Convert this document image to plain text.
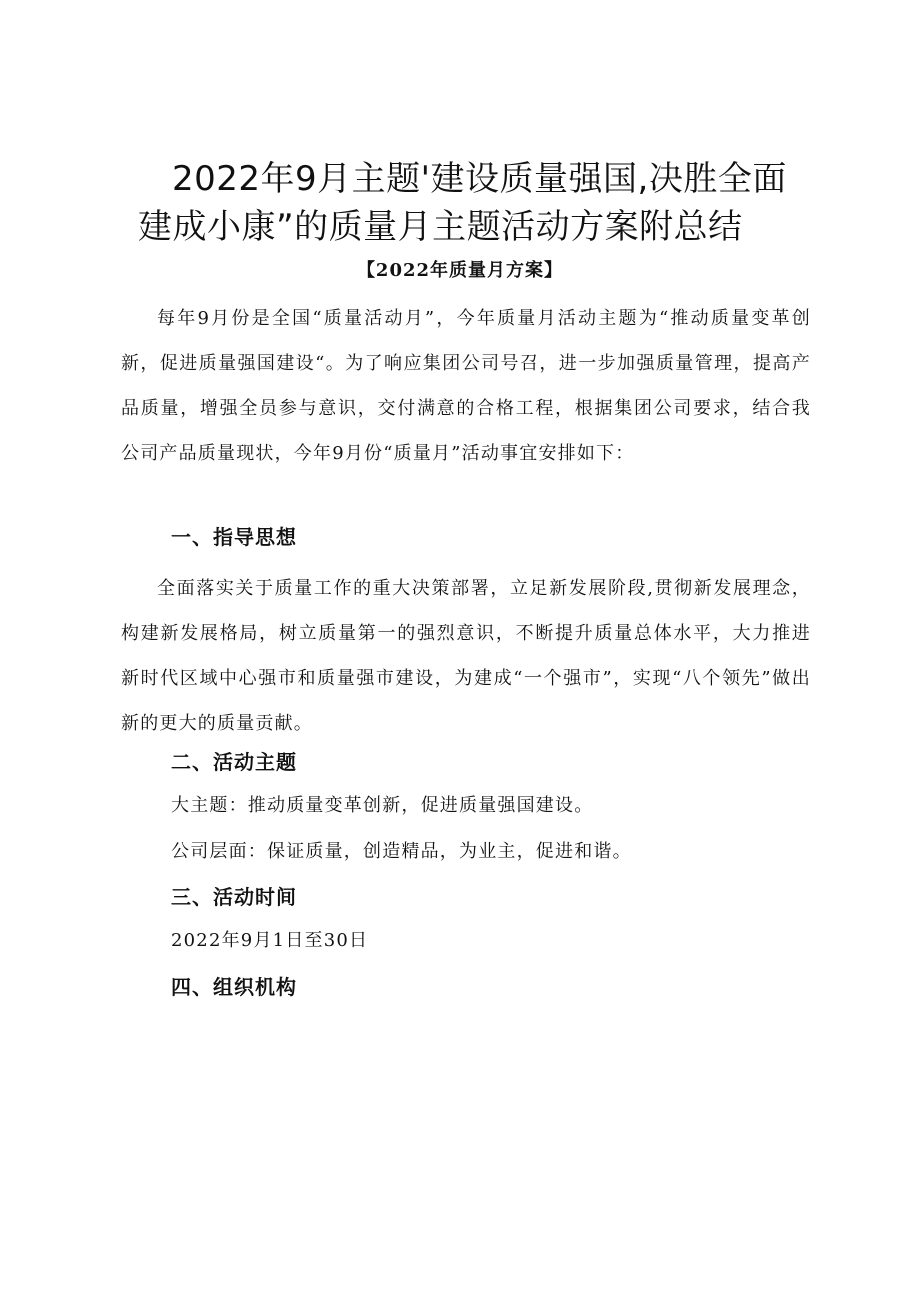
2022年9月主题'建设质量强国,决胜全面
建成小康”的质量月主题活动方案附总结
【2022年质量月方案】
每年9月份是全国“质量活动月”，今年质量月活动主题为“推动质量变革创新，促进质量强国建设“。为了响应集团公司号召，进一步加强质量管理，提高产品质量，增强全员参与意识，交付满意的合格工程，根据集团公司要求，结合我公司产品质量现状，今年9月份“质量月”活动事宜安排如下：
一、指导思想
全面落实关于质量工作的重大决策部署，立足新发展阶段,贯彻新发展理念，构建新发展格局，树立质量第一的强烈意识，不断提升质量总体水平，大力推进新时代区域中心强市和质量强市建设，为建成“一个强市”，实现“八个领先”做出新的更大的质量贡献。
二、活动主题
大主题：推动质量变革创新，促进质量强国建设。
公司层面：保证质量，创造精品，为业主，促进和谐。
三、活动时间
2022年9月1日至30日
四、组织机构
